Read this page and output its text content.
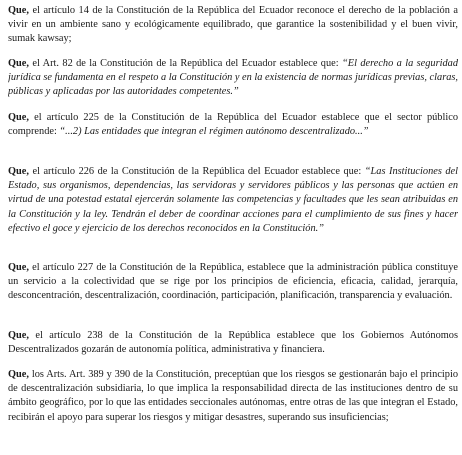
Que, el artículo 14 de la Constitución de la República del Ecuador reconoce el derecho de la población a vivir en un ambiente sano y ecológicamente equilibrado, que garantice la sostenibilidad y el buen vivir, sumak kawsay;

Que, el Art. 82 de la Constitución de la República del Ecuador establece que: “El derecho a la seguridad jurídica se fundamenta en el respeto a la Constitución y en la existencia de normas jurídicas previas, claras, públicas y aplicadas por las autoridades competentes.”

Que, el artículo 225 de la Constitución de la República del Ecuador establece que el sector público comprende: “...2) Las entidades que integran el régimen autónomo descentralizado...”

Que, el artículo 226 de la Constitución de la República del Ecuador establece que: “Las Instituciones del Estado, sus organismos, dependencias, las servidoras y servidores públicos y las personas que actúen en virtud de una potestad estatal ejercerán solamente las competencias y facultades que les sean atribuidas en la Constitución y la ley. Tendrán el deber de coordinar acciones para el cumplimiento de sus fines y hacer efectivo el goce y ejercicio de los derechos reconocidos en la Constitución.”

Que, el artículo 227 de la Constitución de la República, establece que la administración pública constituye un servicio a la colectividad que se rige por los principios de eficiencia, eficacia, calidad, jerarquía, desconcentración, descentralización, coordinación, participación, planificación, transparencia y evaluación.

Que, el artículo 238 de la Constitución de la República establece que los Gobiernos Autónomos Descentralizados gozarán de autonomía política, administrativa y financiera.

Que, los Arts. Art. 389 y 390 de la Constitución, preceptúan que los riesgos se gestionarán bajo el principio de descentralización subsidiaria, lo que implica la responsabilidad directa de las instituciones dentro de su ámbito geográfico, por lo que las entidades seccionales autónomas, entre otras de las que integran el Estado, recibirán el apoyo para superar los riesgos y mitigar desastres, superando sus insuficiencias;
